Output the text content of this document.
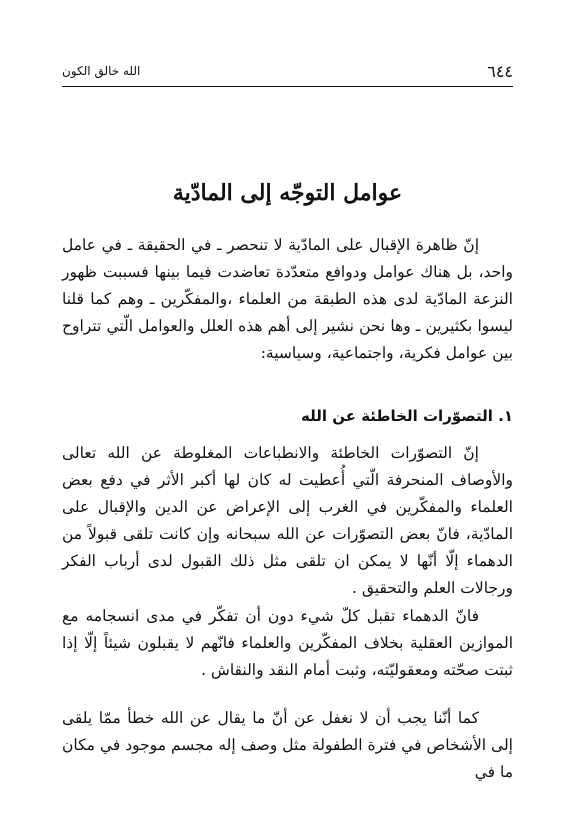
٦٤٤
الله خالق الكون
عوامل التوجّه إلى المادّية

إنّ ظاهرة الإقبال على المادّية لا تنحصر ـ في الحقيقة ـ في عامل واحد، بل هناك عوامل ودوافع متعدّدة تعاضدت فيما بينها فسببت ظهور النزعة المادّية لدى هذه الطبقة من العلماء ،والمفكّرين ـ وهم كما قلنا ليسوا بكثيرين ـ وها نحن نشير إلى أهم هذه العلل والعوامل الّتي تتراوح بين عوامل فكرية، واجتماعية، وسياسية:

١. التصوّرات الخاطئة عن الله

إنّ التصوّرات الخاطئة والانطباعات المغلوطة عن الله تعالى والأوصاف المنحرفة الّتي أُعطيت له كان لها أكبر الأثر في دفع بعض العلماء والمفكّرين في الغرب إلى الإعراض عن الدين والإقبال على المادّية، فانّ بعض التصوّرات عن الله سبحانه وإن كانت تلقى قبولاً من الدهماء إلّا أنّها لا يمكن ان تلقى مثل ذلك القبول لدى أرباب الفكر ورجالات العلم والتحقيق .

فانّ الدهماء تقبل كلّ شيء دون أن تفكّر في مدى انسجامه مع الموازين العقلية بخلاف المفكّرين والعلماء فانّهم لا يقبلون شيئاً إلّا إذا ثبتت صحّته ومعقوليّته، وثبت أمام النقد والنقاش .

كما أنّنا يجب أن لا نغفل عن أنّ ما يقال عن الله خطأ ممّا يلقى إلى الأشخاص في فترة الطفولة مثل وصف إله مجسم موجود في مكان ما في
